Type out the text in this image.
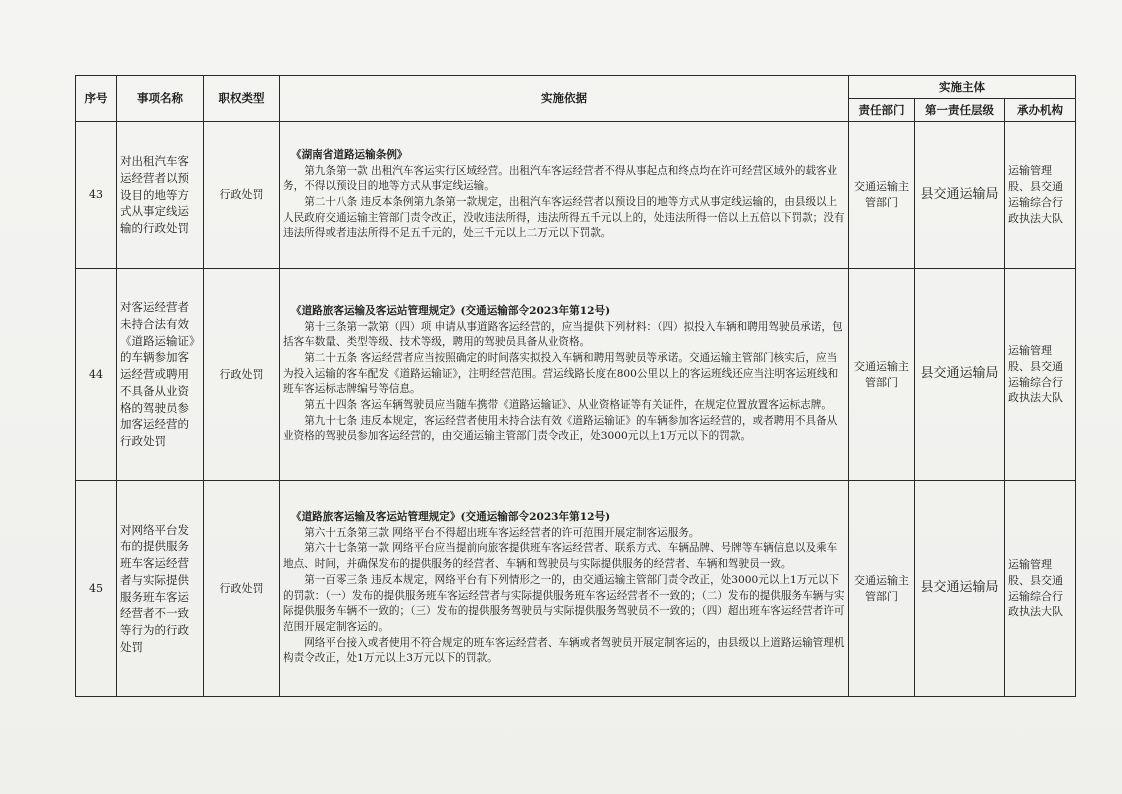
序号	事项名称	职权类型	实施依据	实施主体		
				责任部门	第一责任层级	承办机构
43	对出租汽车客运经营者以预设目的地等方式从事定线运输的行政处罚	行政处罚	《湖南省道路运输条例》

第九条第一款 出租汽车客运实行区域经营。出租汽车客运经营者不得从事起点和终点均在许可经营区域外的载客业务，不得以预设目的地等方式从事定线运输。

第二十八条 违反本条例第九条第一款规定，出租汽车客运经营者以预设目的地等方式从事定线运输的，由县级以上人民政府交通运输主管部门责令改正，没收违法所得，违法所得五千元以上的，处违法所得一倍以上五倍以下罚款；没有违法所得或者违法所得不足五千元的，处三千元以上二万元以下罚款。	交通运输主管部门	县交通运输局	运输管理股、县交通运输综合行政执法大队
44	对客运经营者未持合法有效《道路运输证》的车辆参加客运经营或聘用不具备从业资格的驾驶员参加客运经营的行政处罚	行政处罚	《道路旅客运输及客运站管理规定》(交通运输部令2023年第12号)

第十三条第一款第（四）项 申请从事道路客运经营的，应当提供下列材料：（四）拟投入车辆和聘用驾驶员承诺，包括客车数量、类型等级、技术等级，聘用的驾驶员具备从业资格。

第二十五条 客运经营者应当按照确定的时间落实拟投入车辆和聘用驾驶员等承诺。交通运输主管部门核实后，应当为投入运输的客车配发《道路运输证》，注明经营范围。营运线路长度在800公里以上的客运班线还应当注明客运班线和班车客运标志牌编号等信息。

第五十四条 客运车辆驾驶员应当随车携带《道路运输证》、从业资格证等有关证件，在规定位置放置客运标志牌。

第九十七条 违反本规定，客运经营者使用未持合法有效《道路运输证》的车辆参加客运经营的，或者聘用不具备从业资格的驾驶员参加客运经营的，由交通运输主管部门责令改正，处3000元以上1万元以下的罚款。	交通运输主管部门	县交通运输局	运输管理股、县交通运输综合行政执法大队
45	对网络平台发布的提供服务班车客运经营者与实际提供服务班车客运经营者不一致等行为的行政处罚	行政处罚	《道路旅客运输及客运站管理规定》(交通运输部令2023年第12号)

第六十五条第三款 网络平台不得超出班车客运经营者的许可范围开展定制客运服务。

第六十七条第一款 网络平台应当提前向旅客提供班车客运经营者、联系方式、车辆品牌、号牌等车辆信息以及乘车地点、时间，并确保发布的提供服务的经营者、车辆和驾驶员与实际提供服务的经营者、车辆和驾驶员一致。

第一百零三条 违反本规定，网络平台有下列情形之一的，由交通运输主管部门责令改正，处3000元以上1万元以下的罚款：（一）发布的提供服务班车客运经营者与实际提供服务班车客运经营者不一致的；（二）发布的提供服务车辆与实际提供服务车辆不一致的；（三）发布的提供服务驾驶员与实际提供服务驾驶员不一致的；（四）超出班车客运经营者许可范围开展定制客运的。

网络平台接入或者使用不符合规定的班车客运经营者、车辆或者驾驶员开展定制客运的，由县级以上道路运输管理机构责令改正，处1万元以上3万元以下的罚款。	交通运输主管部门	县交通运输局	运输管理股、县交通运输综合行政执法大队
